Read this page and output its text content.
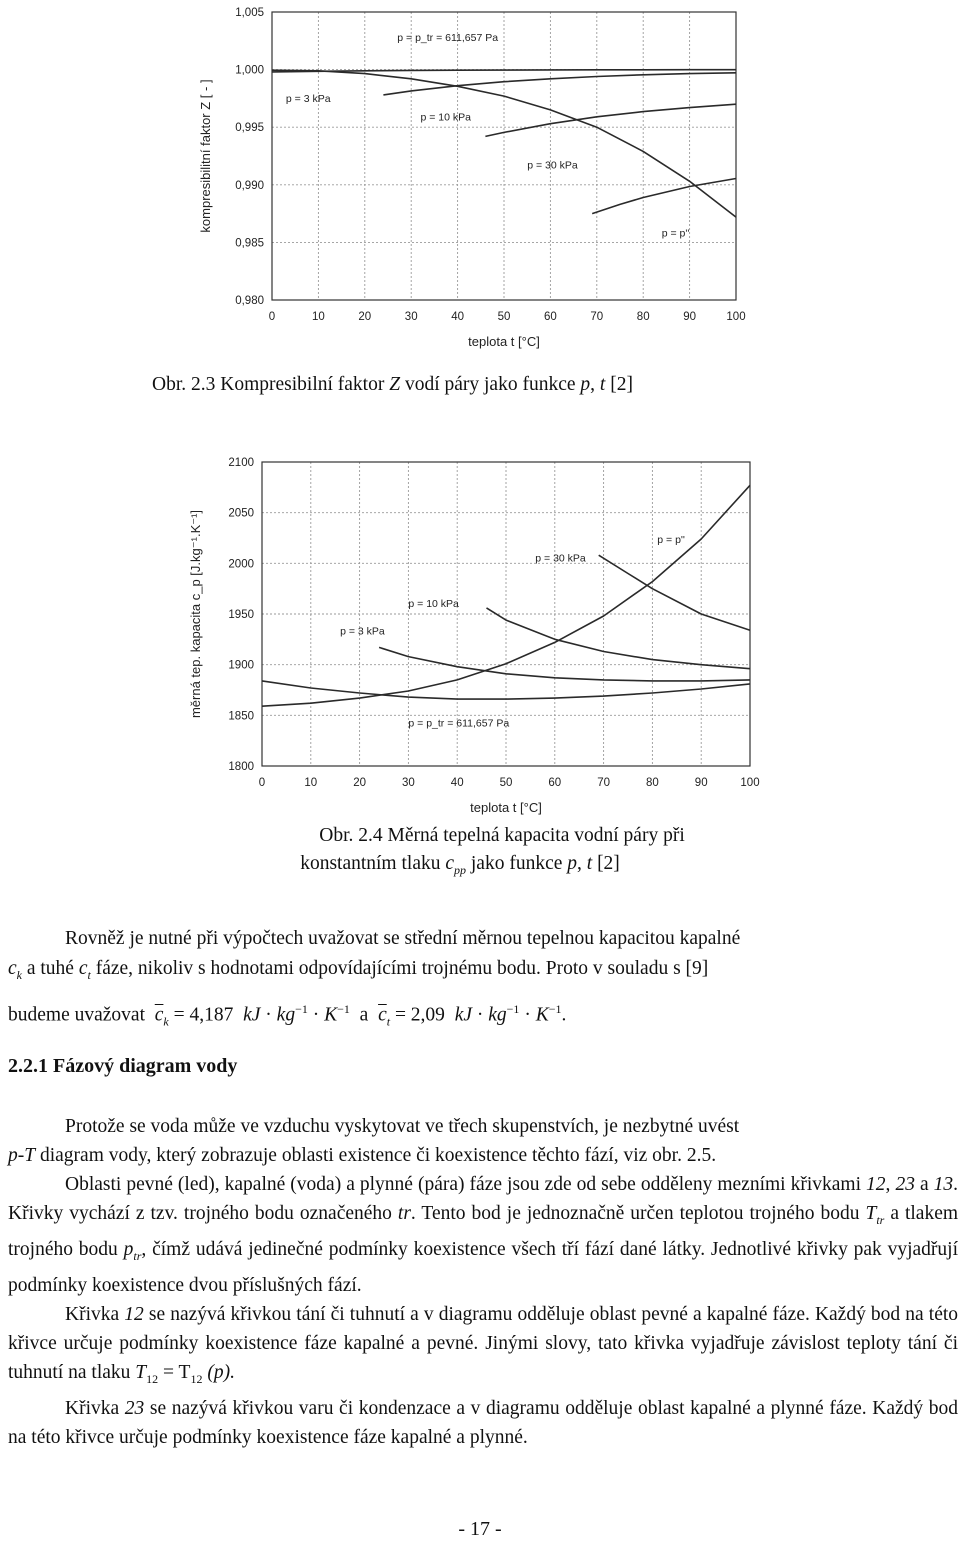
0	10	20	30	40	50	60	70	80	90	100
0,980
0,985
0,990
0,995
1,000
1,005
teplota t [°C]
kompresibilitní faktor Z [ - ]
p = p_tr = 611,657 Pa
p = 3 kPa
p = 10 kPa
p = 30 kPa
p = p''
Obr. 2.3 Kompresibilní faktor Z vodí páry jako funkce p, t [2]
0	10	20	30	40	50	60	70	80	90	100
1800
1850
1900
1950
2000
2050
2100
teplota t [°C]
měrná tep. kapacita c_p [J.kg⁻¹.K⁻¹]
p = p_tr = 611,657 Pa
p = 3 kPa
p = 10 kPa
p = 30 kPa
p = p''
Obr. 2.4 Měrná tepelná kapacita vodní páry při
konstantním tlaku $c_{pp}$ jako funkce p, t [2]
Rovněž je nutné při výpočtech uvažovat se střední měrnou tepelnou kapacitou kapalné
$c_k$ a tuhé $c_t$ fáze, nikoliv s hodnotami odpovídajícími trojnému bodu. Proto v souladu s [9]
budeme uvažovat $\overline{c}_k = 4,187$ kJ · $kg^{-1} \cdot K^{-1}$ a $\overline{c}_t = 2,09$ kJ · $kg^{-1} \cdot K^{-1}$.
2.2.1 Fázový diagram vody
Protože se voda může ve vzduchu vyskytovat ve třech skupenstvích, je nezbytné uvést
p-T diagram vody, který zobrazuje oblasti existence či koexistence těchto fází, viz obr. 2.5.
Oblasti pevné (led), kapalné (voda) a plynné (pára) fáze jsou zde od sebe odděleny mezními křivkami 12, 23 a 13. Křivky vychází z tzv. trojného bodu označeného tr. Tento bod je jednoznačně určen teplotou trojného bodu $T_{tr}$ a tlakem trojného bodu $p_{tr}$, čímž udává jedinečné podmínky koexistence všech tří fází dané látky. Jednotlivé křivky pak vyjadřují podmínky koexistence dvou příslušných fází.
Křivka 12 se nazývá křivkou tání či tuhnutí a v diagramu odděluje oblast pevné a kapalné fáze. Každý bod na této křivce určuje podmínky koexistence fáze kapalné a pevné. Jinými slovy, tato křivka vyjadřuje závislost teploty tání či tuhnutí na tlaku $T_{12} = T_{12}$ (p).
Křivka 23 se nazývá křivkou varu či kondenzace a v diagramu odděluje oblast kapalné a plynné fáze. Každý bod na této křivce určuje podmínky koexistence fáze kapalné a plynné.
- 17 -
